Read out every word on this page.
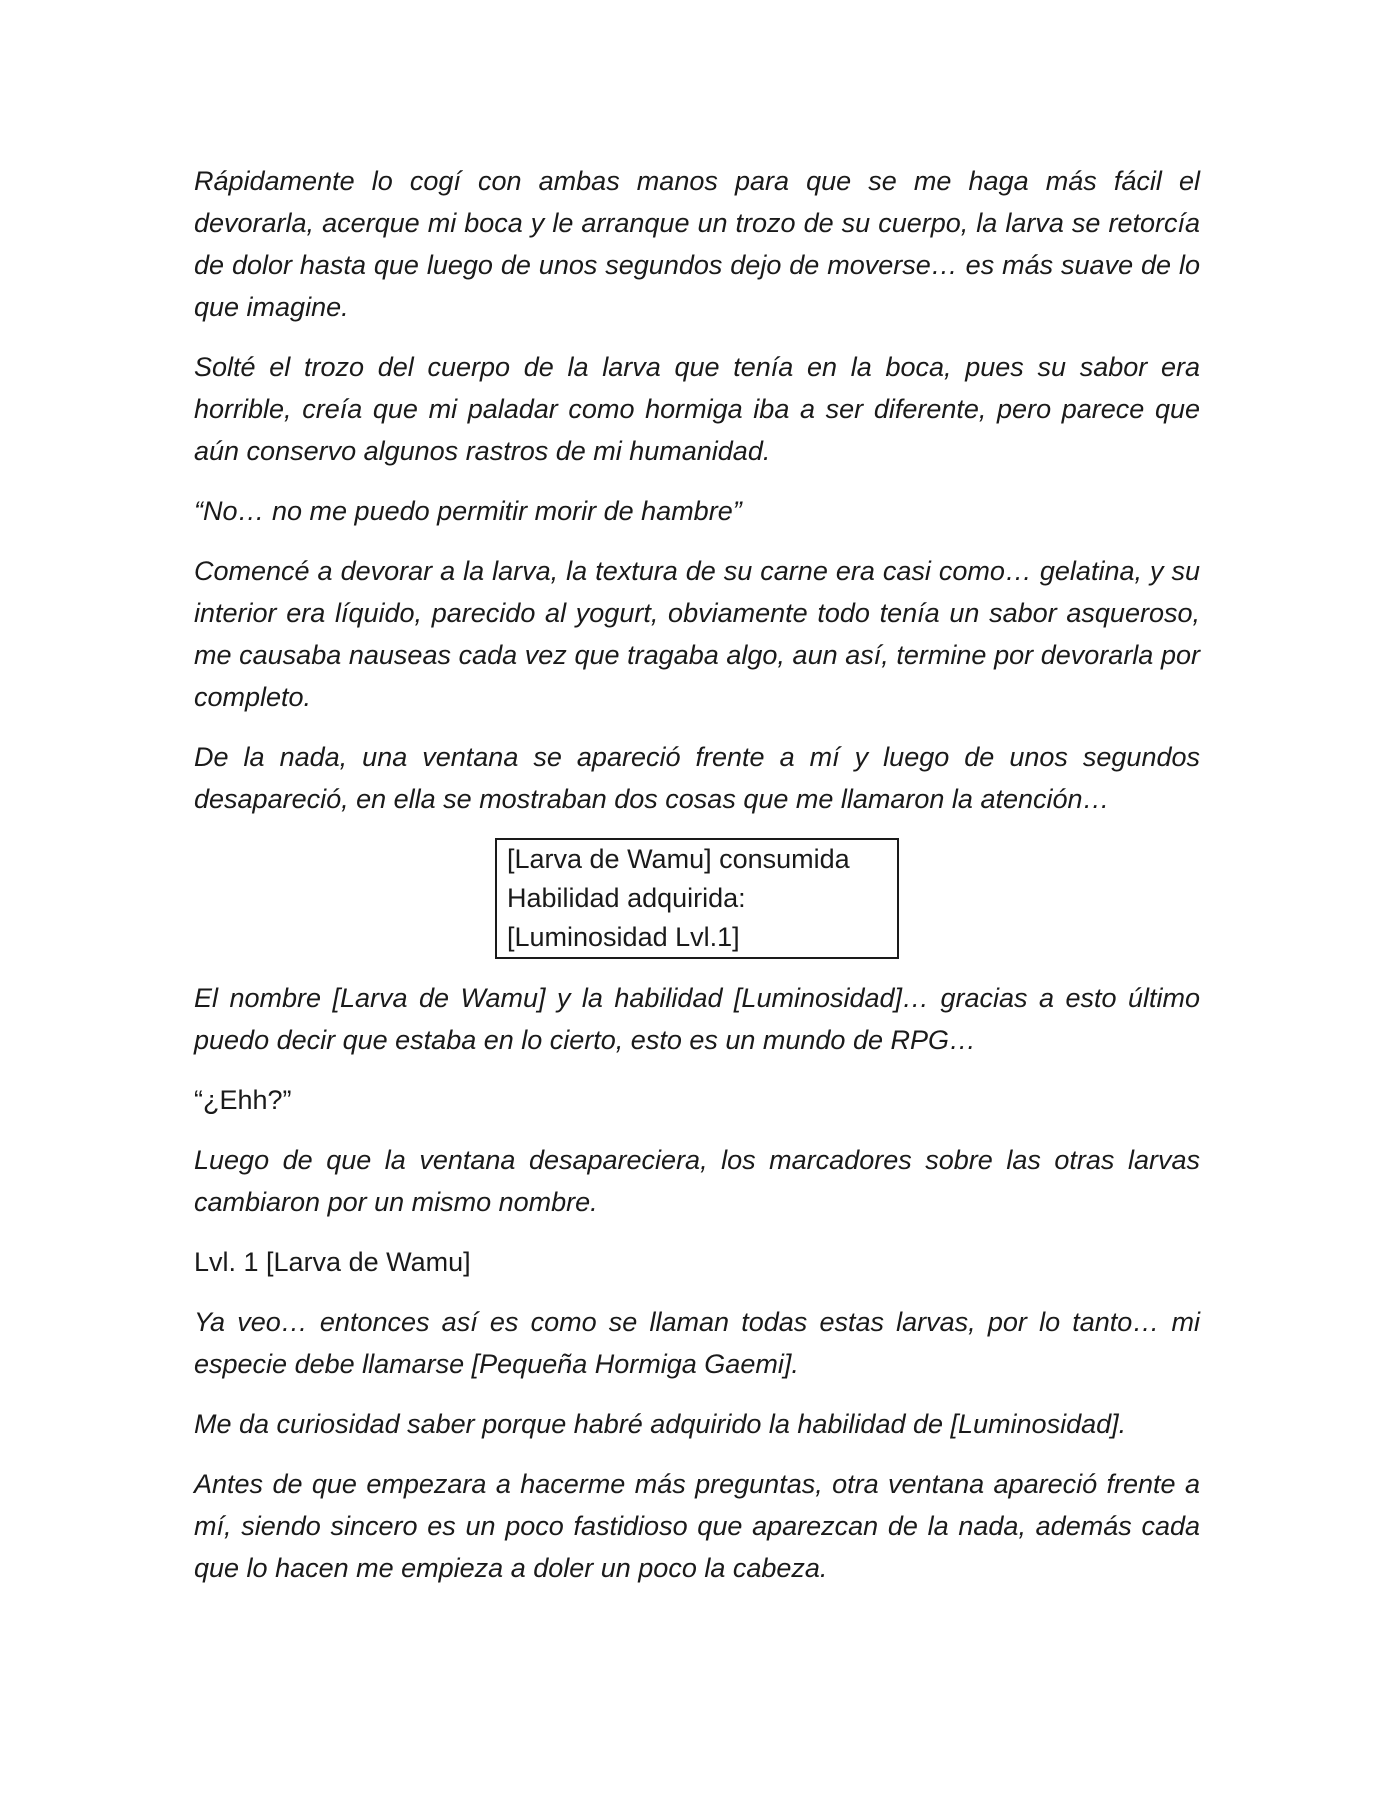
Rápidamente lo cogí con ambas manos para que se me haga más fácil el devorarla, acerque mi boca y le arranque un trozo de su cuerpo, la larva se retorcía de dolor hasta que luego de unos segundos dejo de moverse… es más suave de lo que imagine.

Solté el trozo del cuerpo de la larva que tenía en la boca, pues su sabor era horrible, creía que mi paladar como hormiga iba a ser diferente, pero parece que aún conservo algunos rastros de mi humanidad.

“No… no me puedo permitir morir de hambre”

Comencé a devorar a la larva, la textura de su carne era casi como… gelatina, y su interior era líquido, parecido al yogurt, obviamente todo tenía un sabor asqueroso, me causaba nauseas cada vez que tragaba algo, aun así, termine por devorarla por completo.

De la nada, una ventana se apareció frente a mí y luego de unos segundos desapareció, en ella se mostraban dos cosas que me llamaron la atención…

[Larva de Wamu] consumida
Habilidad adquirida:
[Luminosidad Lvl.1]

El nombre [Larva de Wamu] y la habilidad [Luminosidad]… gracias a esto último puedo decir que estaba en lo cierto, esto es un mundo de RPG…

“¿Ehh?”

Luego de que la ventana desapareciera, los marcadores sobre las otras larvas cambiaron por un mismo nombre.

Lvl. 1 [Larva de Wamu]

Ya veo… entonces así es como se llaman todas estas larvas, por lo tanto… mi especie debe llamarse [Pequeña Hormiga Gaemi].

Me da curiosidad saber porque habré adquirido la habilidad de [Luminosidad].

Antes de que empezara a hacerme más preguntas, otra ventana apareció frente a mí, siendo sincero es un poco fastidioso que aparezcan de la nada, además cada que lo hacen me empieza a doler un poco la cabeza.
